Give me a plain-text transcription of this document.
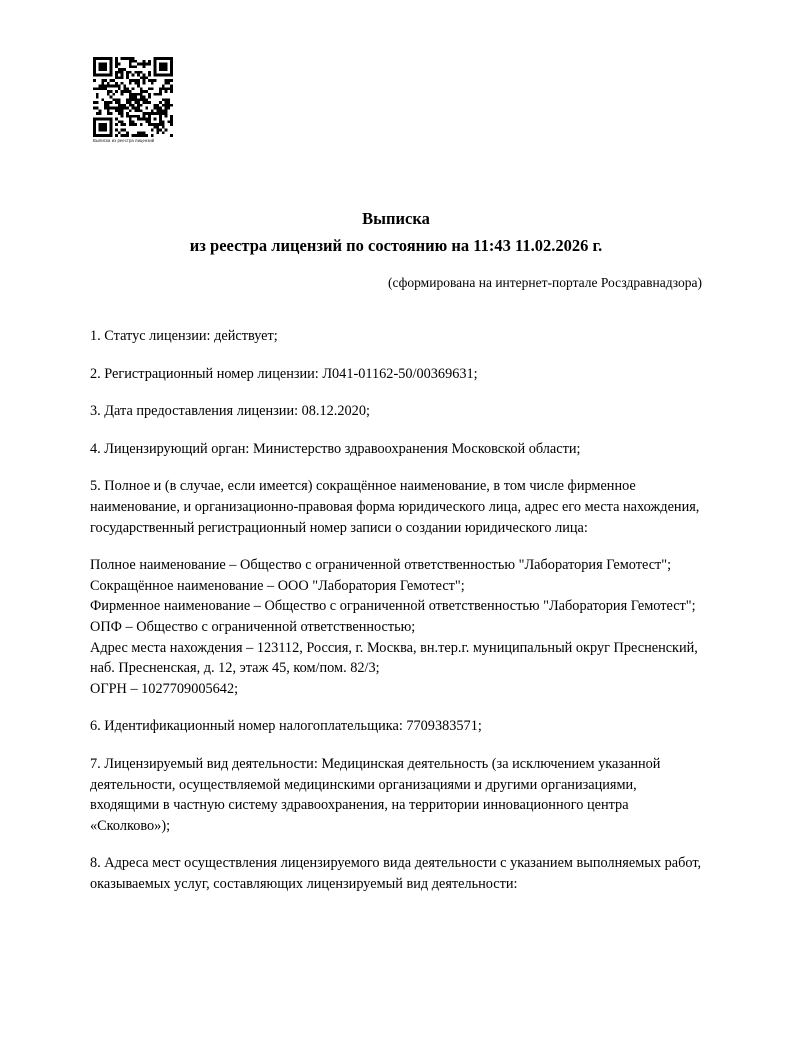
Выписка из реестра лицензий
Выписка
из реестра лицензий по состоянию на 11:43 11.02.2026 г.
(сформирована на интернет-портале Росздравнадзора)

1. Статус лицензии: действует;

2. Регистрационный номер лицензии: Л041-01162-50/00369631;

3. Дата предоставления лицензии: 08.12.2020;

4. Лицензирующий орган: Министерство здравоохранения Московской области;

5. Полное и (в случае, если имеется) сокращённое наименование, в том числе фирменное наименование, и организационно-правовая форма юридического лица, адрес его места нахождения, государственный регистрационный номер записи о создании юридического лица:

Полное наименование – Общество с ограниченной ответственностью "Лаборатория Гемотест";

Сокращённое наименование – ООО "Лаборатория Гемотест";

Фирменное наименование – Общество с ограниченной ответственностью "Лаборатория Гемотест";

ОПФ – Общество с ограниченной ответственностью;

Адрес места нахождения – 123112, Россия, г. Москва, вн.тер.г. муниципальный округ Пресненский, наб. Пресненская, д. 12, этаж 45, ком/пом. 82/3;

ОГРН – 1027709005642;

6. Идентификационный номер налогоплательщика: 7709383571;

7. Лицензируемый вид деятельности: Медицинская деятельность (за исключением указанной деятельности, осуществляемой медицинскими организациями и другими организациями, входящими в частную систему здравоохранения, на территории инновационного центра «Сколково»);

8. Адреса мест осуществления лицензируемого вида деятельности с указанием выполняемых работ, оказываемых услуг, составляющих лицензируемый вид деятельности:
